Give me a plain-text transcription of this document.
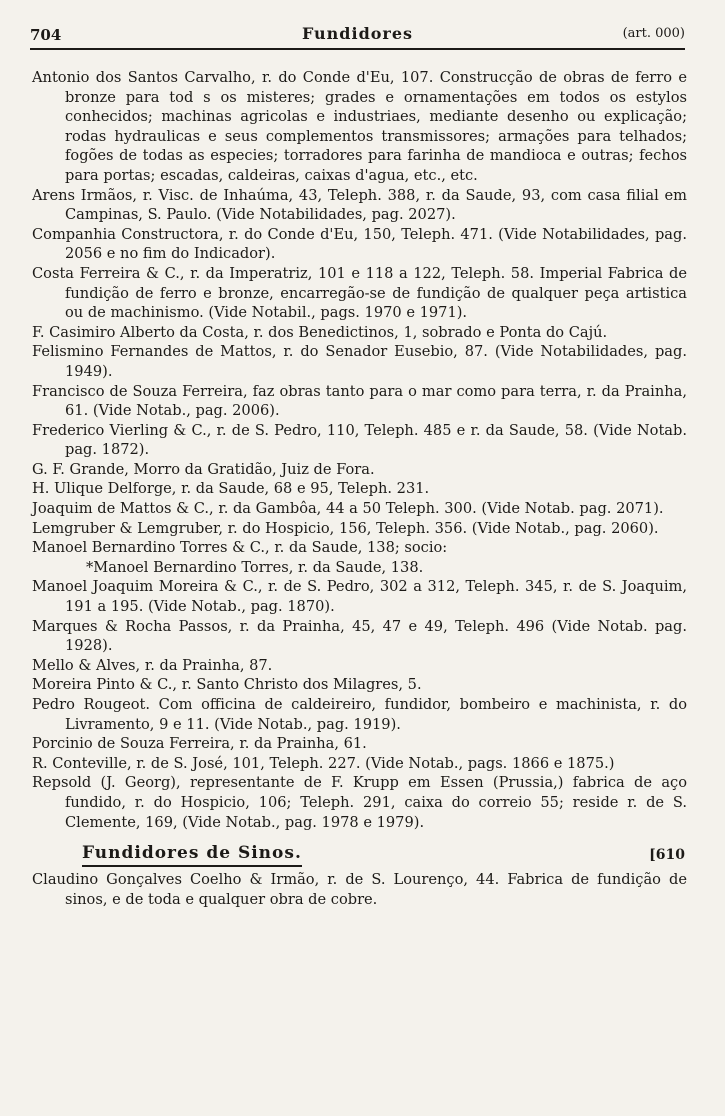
704	Fundidores	(art. 000)

Antonio dos Santos Carvalho, r. do Conde d'Eu, 107. Construcção de obras de ferro e bronze para tod s os misteres; grades e ornamentações em todos os estylos conhecidos; machinas agricolas e industriaes, mediante desenho ou explicação; rodas hydraulicas e seus complementos transmissores; armações para telhados; fogões de todas as especies; torradores para farinha de mandioca e outras; fechos para portas; escadas, caldeiras, caixas d'agua, etc., etc.

Arens Irmãos, r. Visc. de Inhaúma, 43, Teleph. 388, r. da Saude, 93, com casa filial em Campinas, S. Paulo. (Vide Notabilidades, pag. 2027).

Companhia Constructora, r. do Conde d'Eu, 150, Teleph. 471. (Vide Notabilidades, pag. 2056 e no fim do Indicador).

Costa Ferreira & C., r. da Imperatriz, 101 e 118 a 122, Teleph. 58. Imperial Fabrica de fundição de ferro e bronze, encarregão-se de fundição de qualquer peça artistica ou de machinismo. (Vide Notabil., pags. 1970 e 1971).

F. Casimiro Alberto da Costa, r. dos Benedictinos, 1, sobrado e Ponta do Cajú.

Felismino Fernandes de Mattos, r. do Senador Eusebio, 87. (Vide Notabilidades, pag. 1949).

Francisco de Souza Ferreira, faz obras tanto para o mar como para terra, r. da Prainha, 61. (Vide Notab., pag. 2006).

Frederico Vierling & C., r. de S. Pedro, 110, Teleph. 485 e r. da Saude, 58. (Vide Notab. pag. 1872).

G. F. Grande, Morro da Gratidão, Juiz de Fora.

H. Ulique Delforge, r. da Saude, 68 e 95, Teleph. 231.

Joaquim de Mattos & C., r. da Gambôa, 44 a 50 Teleph. 300. (Vide Notab. pag. 2071).

Lemgruber & Lemgruber, r. do Hospicio, 156, Teleph. 356. (Vide Notab., pag. 2060).

Manoel Bernardino Torres & C., r. da Saude, 138; socio:

*Manoel Bernardino Torres, r. da Saude, 138.

Manoel Joaquim Moreira & C., r. de S. Pedro, 302 a 312, Teleph. 345, r. de S. Joaquim, 191 a 195. (Vide Notab., pag. 1870).

Marques & Rocha Passos, r. da Prainha, 45, 47 e 49, Teleph. 496 (Vide Notab. pag. 1928).

Mello & Alves, r. da Prainha, 87.

Moreira Pinto & C., r. Santo Christo dos Milagres, 5.

Pedro Rougeot. Com officina de caldeireiro, fundidor, bombeiro e machinista, r. do Livramento, 9 e 11. (Vide Notab., pag. 1919).

Porcinio de Souza Ferreira, r. da Prainha, 61.

R. Conteville, r. de S. José, 101, Teleph. 227. (Vide Notab., pags. 1866 e 1875.)

Repsold (J. Georg), representante de F. Krupp em Essen (Prussia,) fabrica de aço fundido, r. do Hospicio, 106; Teleph. 291, caixa do correio 55; reside r. de S. Clemente, 169, (Vide Notab., pag. 1978 e 1979).

Fundidores de Sinos.	[610

Claudino Gonçalves Coelho & Irmão, r. de S. Lourenço, 44. Fabrica de fundição de sinos, e de toda e qualquer obra de cobre.
